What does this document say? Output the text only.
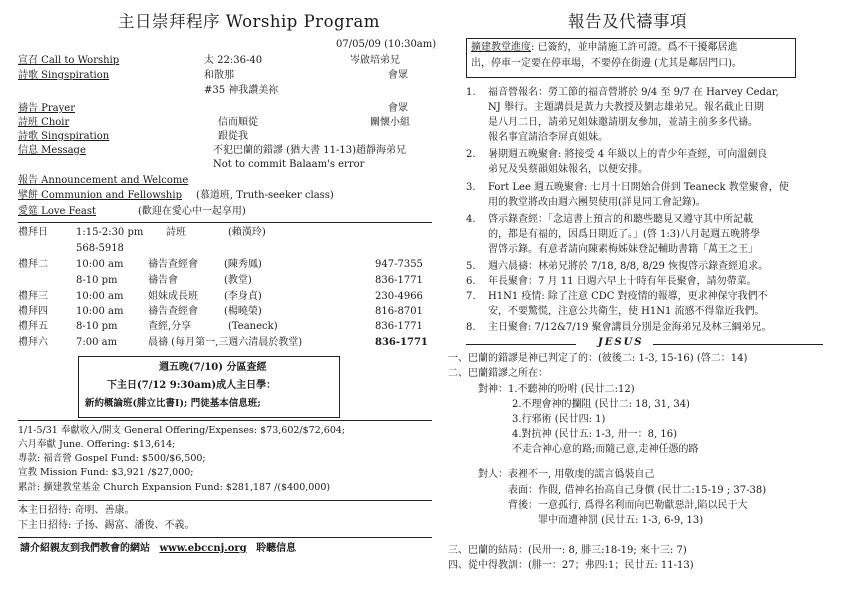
主日崇拜程序 Worship Program
07/05/09 (10:30am)
宣召 Call to Worship	太 22:36-40	岑啟培弟兄
詩歌 Singspiration	和散那	會眾
#35 神我讚美祢
禱告 Prayer	會眾
詩班 Choir	信而順從	關懷小組
詩歌 Singspiration	跟從我
信息 Message	不犯巴蘭的錯謬 (猶大書 11-13) 趙靜海弟兄
Not to commit Balaam's error
報告 Announcement and Welcome
擘餅 Communion and Fellowship (慕道班, Truth-seeker class)
愛筵 Love Feast	(歡迎在愛心中一起享用)
禮拜日	1:15-2:30 pm 詩班	(賴漢玲)
568-5918
禮拜二	10:00 am 禱告查經會	(陳秀鳳)	947-7355
8-10 pm	禱告會	(教堂)	836-1771
禮拜三	10:00 am 姐妹成長班	(李身貞)	230-4966
禮拜四	10:00 am 禱告查經會	(楊曉榮)	816-8701
禮拜五	8-10 pm	查經,分享	(Teaneck)	836-1771
禮拜六	7:00 am	晨禱 (每月第一,三週六清晨於教堂)	836-1771
週五晚(7/10) 分區查經
下主日(7/12 9:30am)成人主日學：
新約概論班(腓立比書Ⅰ); 門徒基本信息班;
1/1-5/31 奉獻收入/開支 General Offering/Expenses: $73,602/$72,604;
六月奉獻 June. Offering: $13,614;
專款: 福音營 Gospel Fund: $500/$6,500;
宣教 Mission Fund: $3,921 /$27,000;
累計: 擴建教堂基金 Church Expansion Fund: $281,187 /($400,000)
本主日招待: 奇明、善康。
下主日招待: 子扬、錫富、潘俊、不義。
請介紹親友到我們教會的網站 www.ebccnj.org 聆聽信息
報告及代禱事項
擴建教堂進度: 已簽約，並申請施工許可證。爲不干擾鄰居進
出，停車一定要在停車場，不要停在街邊 (尤其是鄰居門口)。
1. 福音營報名：勞工節的福音營將於 9/4 至 9/7 在 Harvey Cedar,
NJ 舉行。主題講員是黃力夫教授及劉志雄弟兄。報名截止日期
是八月二日，請弟兄姐妹邀請朋友參加，並請主前多多代禱。
報名事宜請洽李屏貞姐妹。
2. 暑期週五晚聚會: 將接受 4 年級以上的青少年查經，可向溫劍良
弟兄及吳蔡韻姐妹報名，以便安排。
3. Fort Lee 週五晚聚會: 七月十日開始合併到 Teaneck 教堂聚會，使
用的教堂將改由週六團契使用(詳見同工會記錄)。
4. 啓示錄查經：「念這書上預言的和聽些聽見又遵守其中所記載
的，都是有福的，因爲日期近了。」(啓 1:3)八月起週五晚將學
習啓示錄。有意者請向陳素梅姊妹登記輔助書籍「萬王之王」
5. 週六晨禱：林弟兄將於 7/18, 8/8, 8/29 恢復啓示錄查經追求。
6. 年長聚會：7 月 11 日週六早上十時有年長聚會，請勿帶菜。
7. H1N1 疫情: 除了注意 CDC 對疫情的報導，更求神保守我們不
安，不要驚慌，注意公共衛生，使 H1N1 流感不得靠近我們。
8. 主日聚會: 7/12&7/19 聚會講員分別是金海弟兄及林三綱弟兄。
JESUS
一、巴蘭的錯謬是神已判定了的：(彼後二: 1-3, 15-16) (啓二：14)
二、巴蘭錯謬之所在：
對神：1.不聽神的吩咐 (民廿二:12)
2.不理會神的攔阻 (民廿二: 18, 31, 34)
3.行邪術 (民廿四: 1)
4.對抗神 (民廿五: 1-3, 卅一：8, 16)
不走合神心意的路;而隨己意,走神任憑的路
對人：表裡不一, 用敬虔的謊言僞裝自己
表面：作假, 借神名抬高自己身價 (民廿二:15-19 ; 37-38)
背後：一意孤行, 爲得名利而向巴勒獻惡計,陷以民于大
罪中而遭神罰 (民廿五: 1-3, 6-9, 13)
三、巴蘭的結局：(民卅一: 8, 腓三:18-19; 來十三: 7)
四、從中得教訓：(腓一：27；弗四:1；民廿五: 11-13)
